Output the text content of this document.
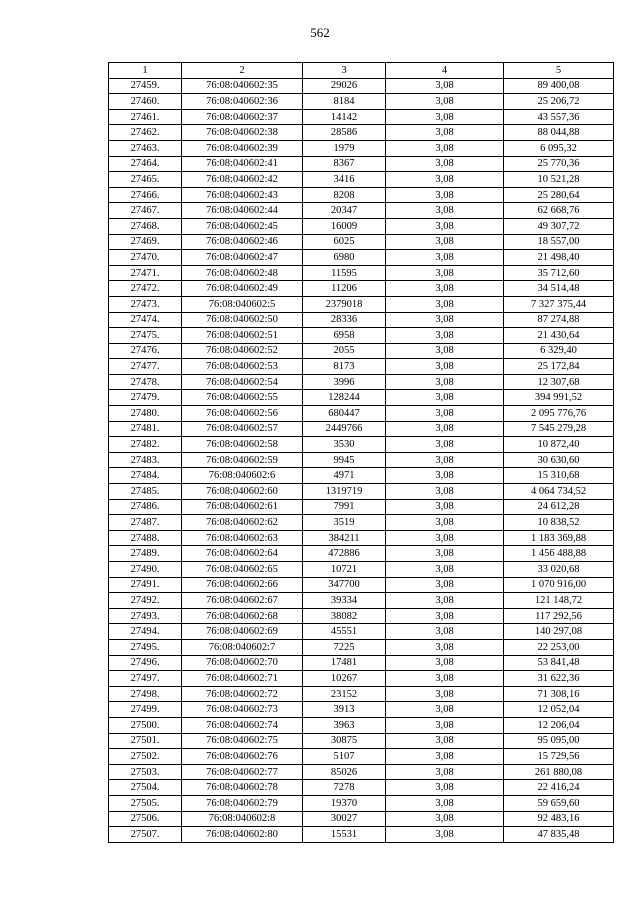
562
1	2	3	4	5
27459.	76:08:040602:35	29026	3,08	89 400,08
27460.	76:08:040602:36	8184	3,08	25 206,72
27461.	76:08:040602:37	14142	3,08	43 557,36
27462.	76:08:040602:38	28586	3,08	88 044,88
27463.	76:08:040602:39	1979	3,08	6 095,32
27464.	76:08:040602:41	8367	3,08	25 770,36
27465.	76:08:040602:42	3416	3,08	10 521,28
27466.	76:08:040602:43	8208	3,08	25 280,64
27467.	76:08:040602:44	20347	3,08	62 668,76
27468.	76:08:040602:45	16009	3,08	49 307,72
27469.	76:08:040602:46	6025	3,08	18 557,00
27470.	76:08:040602:47	6980	3,08	21 498,40
27471.	76:08:040602:48	11595	3,08	35 712,60
27472.	76:08:040602:49	11206	3,08	34 514,48
27473.	76:08:040602:5	2379018	3,08	7 327 375,44
27474.	76:08:040602:50	28336	3,08	87 274,88
27475.	76:08:040602:51	6958	3,08	21 430,64
27476.	76:08:040602:52	2055	3,08	6 329,40
27477.	76:08:040602:53	8173	3,08	25 172,84
27478.	76:08:040602:54	3996	3,08	12 307,68
27479.	76:08:040602:55	128244	3,08	394 991,52
27480.	76:08:040602:56	680447	3,08	2 095 776,76
27481.	76:08:040602:57	2449766	3,08	7 545 279,28
27482.	76:08:040602:58	3530	3,08	10 872,40
27483.	76:08:040602:59	9945	3,08	30 630,60
27484.	76:08:040602:6	4971	3,08	15 310,68
27485.	76:08:040602:60	1319719	3,08	4 064 734,52
27486.	76:08:040602:61	7991	3,08	24 612,28
27487.	76:08:040602:62	3519	3,08	10 838,52
27488.	76:08:040602:63	384211	3,08	1 183 369,88
27489.	76:08:040602:64	472886	3,08	1 456 488,88
27490.	76:08:040602:65	10721	3,08	33 020,68
27491.	76:08:040602:66	347700	3,08	1 070 916,00
27492.	76:08:040602:67	39334	3,08	121 148,72
27493.	76:08:040602:68	38082	3,08	117 292,56
27494.	76:08:040602:69	45551	3,08	140 297,08
27495.	76:08:040602:7	7225	3,08	22 253,00
27496.	76:08:040602:70	17481	3,08	53 841,48
27497.	76:08:040602:71	10267	3,08	31 622,36
27498.	76:08:040602:72	23152	3,08	71 308,16
27499.	76:08:040602:73	3913	3,08	12 052,04
27500.	76:08:040602:74	3963	3,08	12 206,04
27501.	76:08:040602:75	30875	3,08	95 095,00
27502.	76:08:040602:76	5107	3,08	15 729,56
27503.	76:08:040602:77	85026	3,08	261 880,08
27504.	76:08:040602:78	7278	3,08	22 416,24
27505.	76:08:040602:79	19370	3,08	59 659,60
27506.	76:08:040602:8	30027	3,08	92 483,16
27507.	76:08:040602:80	15531	3,08	47 835,48
